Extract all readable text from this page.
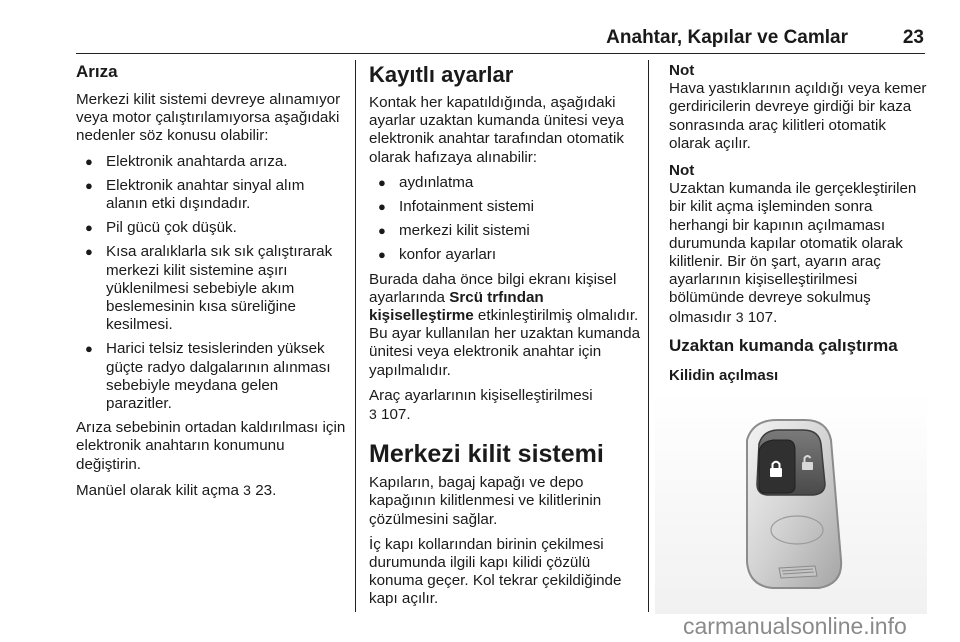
Anahtar, Kapılar ve Camlar	23
Arıza

Merkezi kilit sistemi devreye alınamıyor veya motor çalıştırılamıyorsa aşağıdaki nedenler söz konusu olabilir:

● Elektronik anahtarda arıza.
● Elektronik anahtar sinyal alım alanın etki dışındadır.
● Pil gücü çok düşük.
● Kısa aralıklarla sık sık çalıştırarak merkezi kilit sistemine aşırı yüklenilmesi sebebiyle akım beslemesinin kısa süreliğine kesilmesi.
● Harici telsiz tesislerinden yüksek güçte radyo dalgalarının alınması sebebiyle meydana gelen parazitler.

Arıza sebebinin ortadan kaldırılması için elektronik anahtarın konumunu değiştirin.

Manüel olarak kilit açma 3 23.

Kayıtlı ayarlar

Kontak her kapatıldığında, aşağıdaki ayarlar uzaktan kumanda ünitesi veya elektronik anahtar tarafından otomatik olarak hafızaya alınabilir:

● aydınlatma
● Infotainment sistemi
● merkezi kilit sistemi
● konfor ayarları

Burada daha önce bilgi ekranı kişisel ayarlarında Srcü trfından kişiselleştirme etkinleştirilmiş olmalıdır. Bu ayar kullanılan her uzaktan kumanda ünitesi veya elektronik anahtar için yapılmalıdır.

Araç ayarlarının kişiselleştirilmesi
3 107.

Merkezi kilit sistemi

Kapıların, bagaj kapağı ve depo kapağının kilitlenmesi ve kilitlerinin çözülmesini sağlar.

İç kapı kollarından birinin çekilmesi durumunda ilgili kapı kilidi çözülü konuma geçer. Kol tekrar çekildiğinde kapı açılır.

Not
Hava yastıklarının açıldığı veya kemer gerdiricilerin devreye girdiği bir kaza sonrasında araç kilitleri otomatik olarak açılır.
Not
Uzaktan kumanda ile gerçekleştirilen bir kilit açma işleminden sonra herhangi bir kapının açılmaması durumunda kapılar otomatik olarak kilitlenir. Bir ön şart, ayarın araç ayarlarının kişiselleştirilmesi bölümünde devreye sokulmuş olmasıdır 3 107.
Uzaktan kumanda çalıştırma
Kilidin açılması
carmanualsonline.info
